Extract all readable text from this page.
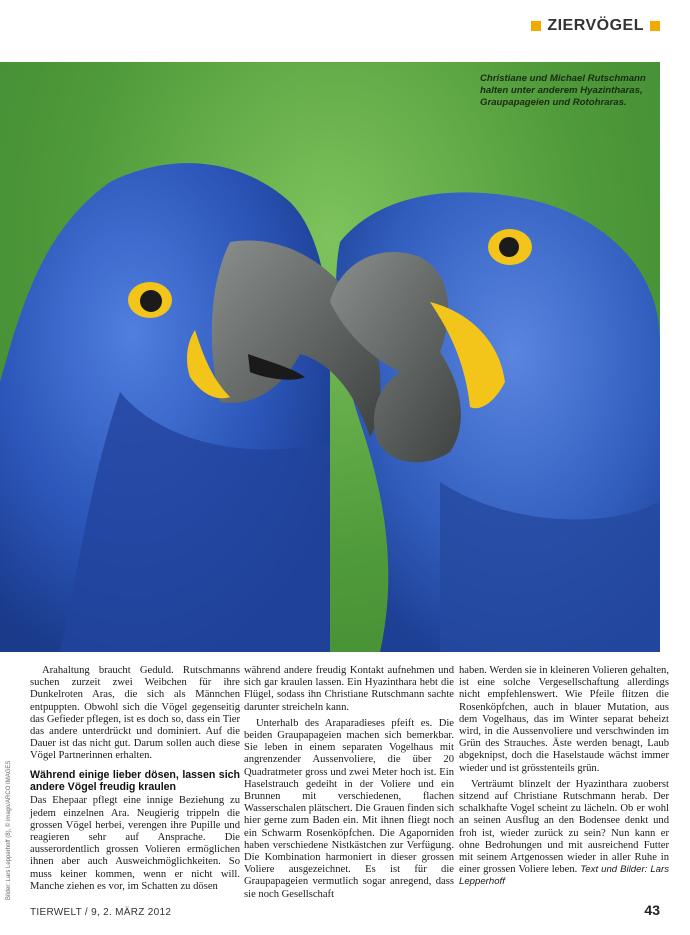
ZIERVÖGEL
Christiane und Michael Rutschmann halten unter anderem Hyazintharas, Graupapageien und Rotohraras.
Bilder: Lars Lepperhoff (8), © imago/ARCO IMAGES

Arahaltung braucht Geduld. Rutschmanns suchen zurzeit zwei Weibchen für ihre Dunkelroten Aras, die sich als Männchen entpuppten. Obwohl sich die Vögel gegenseitig das Gefieder pflegen, ist es doch so, dass ein Tier das andere unterdrückt und dominiert. Auf die Dauer ist das nicht gut. Darum sollen auch diese Vögel Partnerinnen erhalten.

Während einige lieber dösen, lassen sich andere Vögel freudig kraulen

Das Ehepaar pflegt eine innige Beziehung zu jedem einzelnen Ara. Neugierig trippeln die grossen Vögel herbei, verengen ihre Pupille und reagieren sehr auf Ansprache. Die ausserordentlich grossen Volieren ermöglichen ihnen aber auch Ausweichmöglichkeiten. So muss keiner kommen, wenn er nicht will. Manche ziehen es vor, im Schatten zu dösen

während andere freudig Kontakt aufnehmen und sich gar kraulen lassen. Ein Hyazinthara hebt die Flügel, sodass ihn Christiane Rutschmann sachte darunter streicheln kann.

Unterhalb des Araparadieses pfeift es. Die beiden Graupapageien machen sich bemerkbar. Sie leben in einem separaten Vogelhaus mit angrenzender Aussenvoliere, die über 20 Quadratmeter gross und zwei Meter hoch ist. Ein Haselstrauch gedeiht in der Voliere und ein Brunnen mit verschiedenen, flachen Wasserschalen plätschert. Die Grauen finden sich hier gerne zum Baden ein. Mit ihnen fliegt noch ein Schwarm Rosenköpfchen. Die Agaporniden haben verschiedene Nistkästchen zur Verfügung. Die Kombination harmoniert in dieser grossen Voliere ausgezeichnet. Es ist für die Graupapageien vermutlich sogar anregend, dass sie noch Gesellschaft

haben. Werden sie in kleineren Volieren gehalten, ist eine solche Vergesellschaftung allerdings nicht empfehlenswert. Wie Pfeile flitzen die Rosenköpfchen, auch in blauer Mutation, aus dem Vogelhaus, das im Winter separat beheizt wird, in die Aussenvoliere und verschwinden im Grün des Strauches. Äste werden benagt, Laub abgeknipst, doch die Haselstaude wächst immer wieder und ist grösstenteils grün.

Verträumt blinzelt der Hyazinthara zuoberst sitzend auf Christiane Rutschmann herab. Der schalkhafte Vogel scheint zu lächeln. Ob er wohl an seinen Ausflug an den Bodensee denkt und froh ist, wieder zurück zu sein? Nun kann er ohne Bedrohungen und mit ausreichend Futter mit seinem Artgenossen wieder in aller Ruhe in einer grossen Voliere leben. Text und Bilder: Lars Lepperhoff

TIERWELT / 9, 2. MÄRZ 2012	43
